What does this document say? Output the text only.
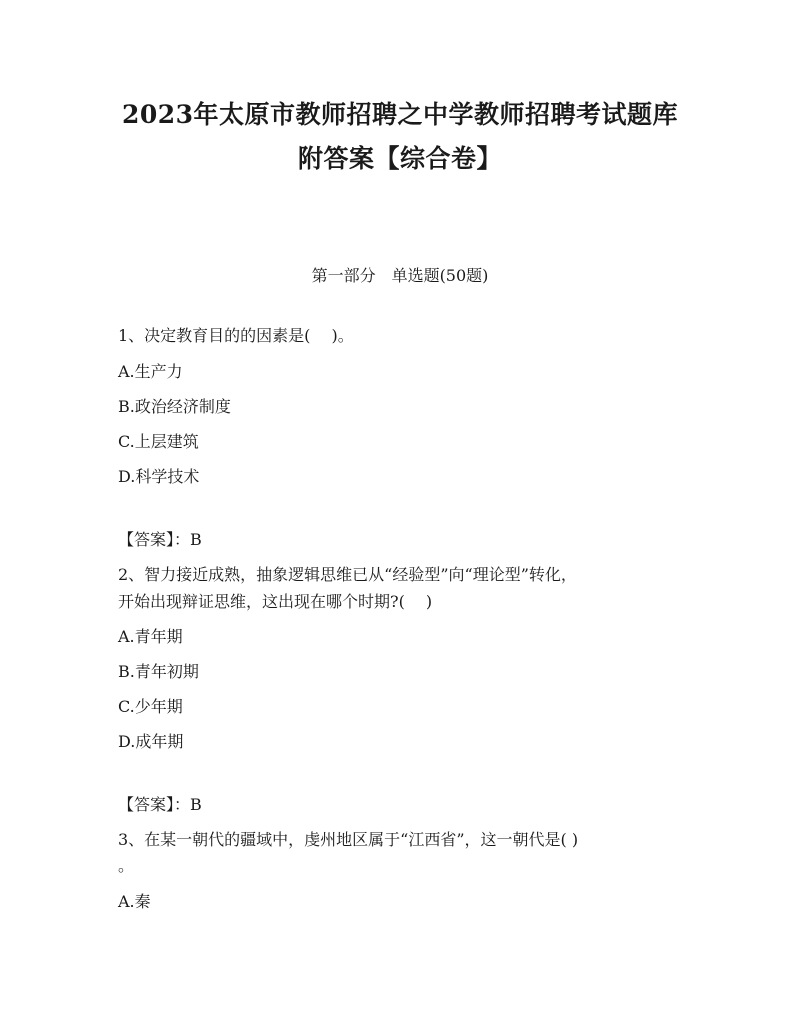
2023年太原市教师招聘之中学教师招聘考试题库
附答案【综合卷】
第一部分　单选题(50题)
1、决定教育目的的因素是(　 )。
A.生产力
B.政治经济制度
C.上层建筑
D.科学技术
【答案】：B
2、智力接近成熟，抽象逻辑思维已从“经验型”向“理论型”转化，
开始出现辩证思维，这出现在哪个时期?(　 )
A.青年期
B.青年初期
C.少年期
D.成年期
【答案】：B
3、在某一朝代的疆域中，虔州地区属于“江西省”，这一朝代是( )
。
A.秦
